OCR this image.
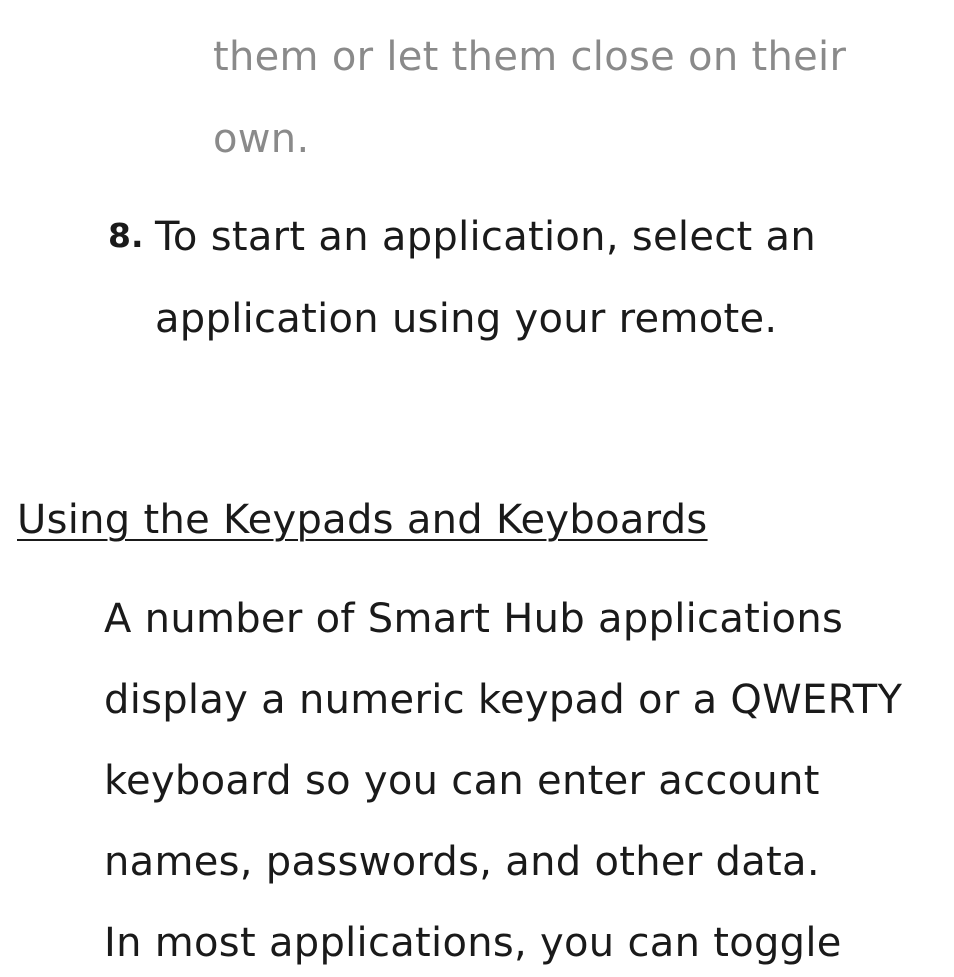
them or let them close on their
own.
8. To start an application, select an
application using your remote.
Using the Keypads and Keyboards
A number of Smart Hub applications
display a numeric keypad or a QWERTY
keyboard so you can enter account
names, passwords, and other data.
In most applications, you can toggle
